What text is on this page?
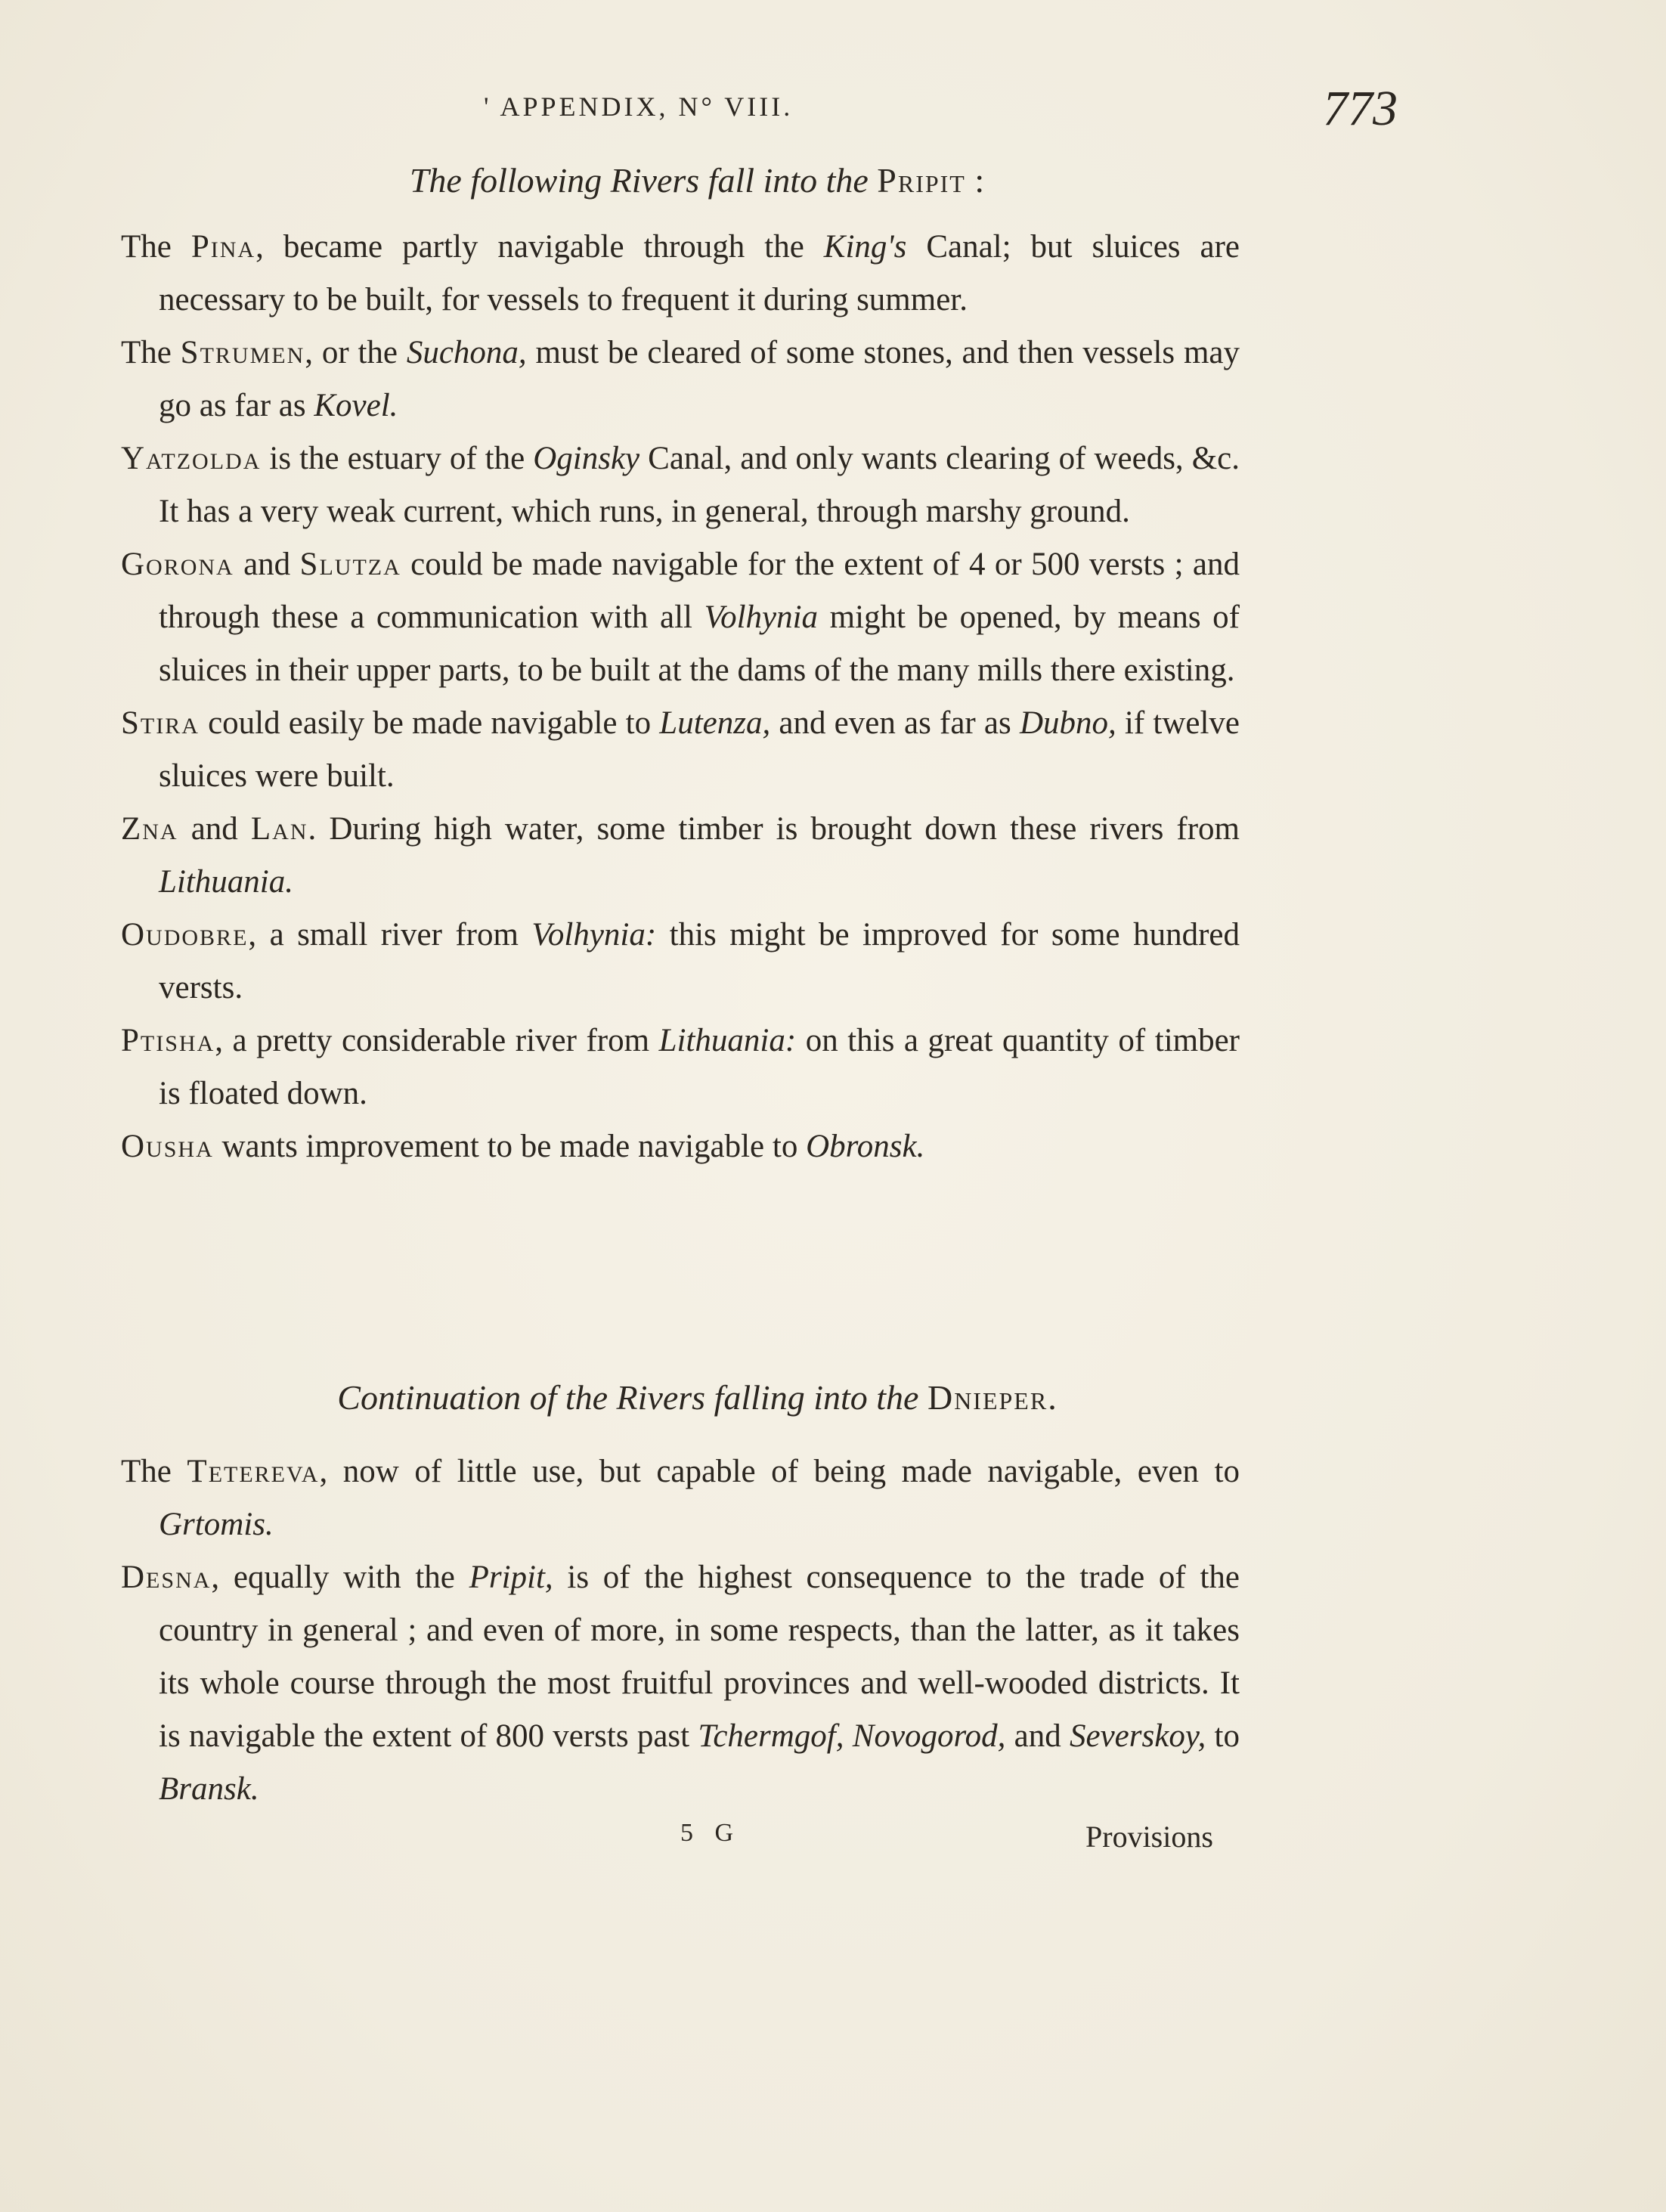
' APPENDIX, N° VIII.	773
The following Rivers fall into the Pripit :

The Pina, became partly navigable through the King's Canal; but sluices are necessary to be built, for vessels to frequent it during summer.

The Strumen, or the Suchona, must be cleared of some stones, and then vessels may go as far as Kovel.

Yatzolda is the estuary of the Oginsky Canal, and only wants clearing of weeds, &c. It has a very weak current, which runs, in general, through marshy ground.

Gorona and Slutza could be made navigable for the extent of 4 or 500 versts ; and through these a communication with all Volhynia might be opened, by means of sluices in their upper parts, to be built at the dams of the many mills there existing.

Stira could easily be made navigable to Lutenza, and even as far as Dubno, if twelve sluices were built.

Zna and Lan. During high water, some timber is brought down these rivers from Lithuania.

Oudobre, a small river from Volhynia: this might be improved for some hundred versts.

Ptisha, a pretty considerable river from Lithuania: on this a great quantity of timber is floated down.

Ousha wants improvement to be made navigable to Obronsk.

Continuation of the Rivers falling into the Dnieper.

The Tetereva, now of little use, but capable of being made navigable, even to Grtomis.

Desna, equally with the Pripit, is of the highest consequence to the trade of the country in general ; and even of more, in some respects, than the latter, as it takes its whole course through the most fruitful provinces and well-wooded districts. It is navigable the extent of 800 versts past Tchermgof, Novogorod, and Severskoy, to Bransk.

5 G	Provisions
